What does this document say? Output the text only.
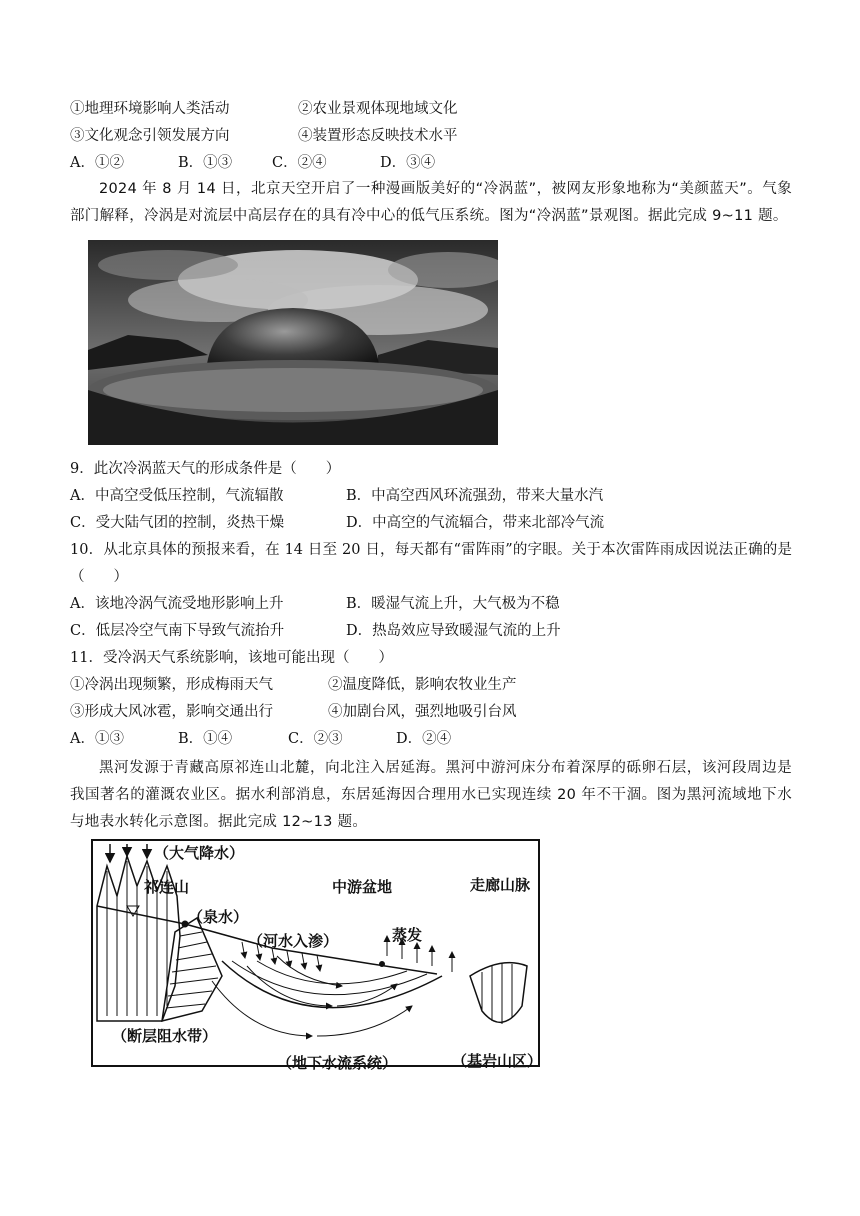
①地理环境影响人类活动	②农业景观体现地域文化
③文化观念引领发展方向	④装置形态反映技术水平
A．①②	B．①③	C．②④	D．③④
2024 年 8 月 14 日，北京天空开启了一种漫画版美好的“冷涡蓝”，被网友形象地称为“美颜蓝天”。气象部门解释，冷涡是对流层中高层存在的具有冷中心的低气压系统。图为“冷涡蓝”景观图。据此完成 9~11 题。
9．此次冷涡蓝天气的形成条件是（　　）
A．中高空受低压控制，气流辐散	B．中高空西风环流强劲，带来大量水汽
C．受大陆气团的控制，炎热干燥	D．中高空的气流辐合，带来北部冷气流
10．从北京具体的预报来看，在 14 日至 20 日，每天都有“雷阵雨”的字眼。关于本次雷阵雨成因说法正确的是（　　）
A．该地冷涡气流受地形影响上升	B．暖湿气流上升，大气极为不稳
C．低层冷空气南下导致气流抬升	D．热岛效应导致暖湿气流的上升
11．受冷涡天气系统影响，该地可能出现（　　）
①冷涡出现频繁，形成梅雨天气	②温度降低，影响农牧业生产
③形成大风冰雹，影响交通出行	④加剧台风，强烈地吸引台风
A．①③	B．①④	C．②③	D．②④
黑河发源于青藏高原祁连山北麓，向北注入居延海。黑河中游河床分布着深厚的砾卵石层，该河段周边是我国著名的灌溉农业区。据水利部消息，东居延海因合理用水已实现连续 20 年不干涸。图为黑河流域地下水与地表水转化示意图。据此完成 12~13 题。
（大气降水）
祁连山	中游盆地	走廊山脉
（泉水）
（河水入渗）	蒸发
（断层阻水带）
（地下水流系统）	（基岩山区）
